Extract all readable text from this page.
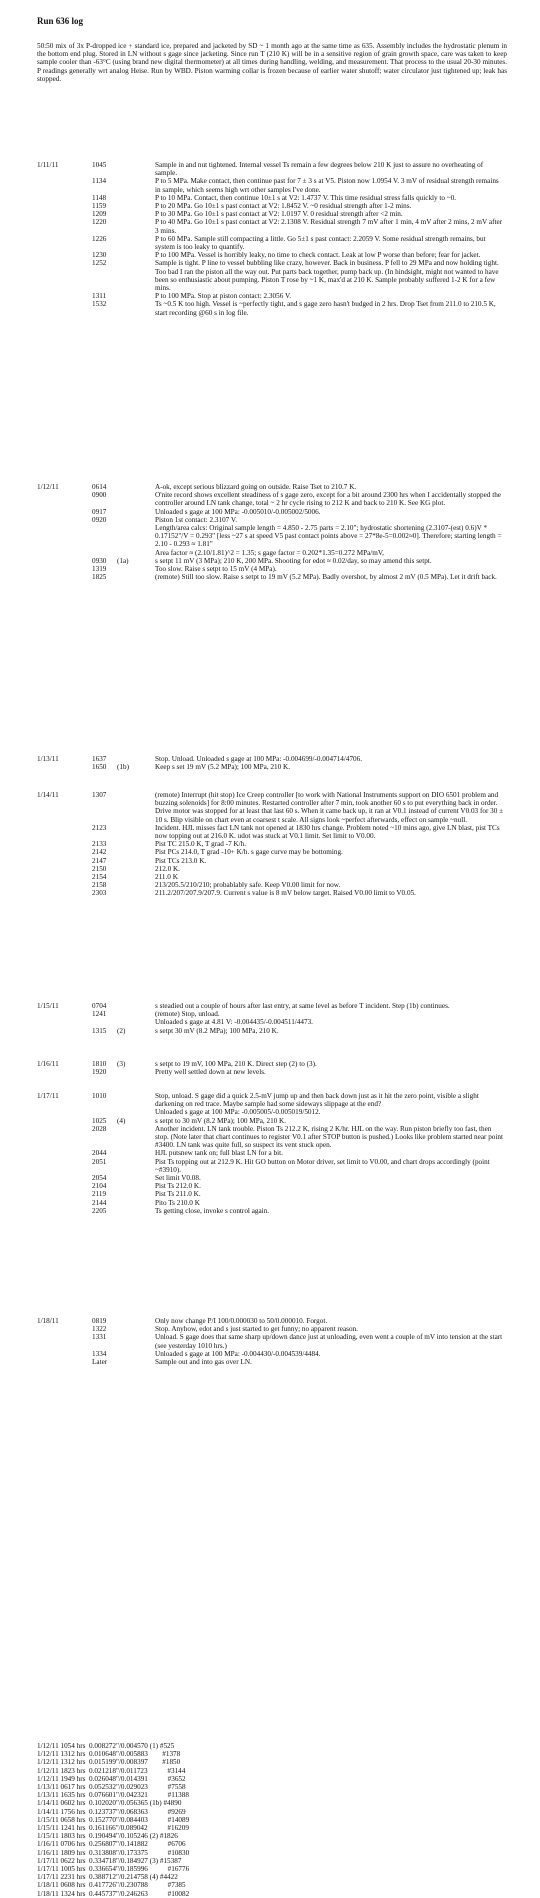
Run 636 log
50:50 mix of 3x P-dropped ice + standard ice, prepared and jacketed by SD ~ 1 month ago at the same time as 635. Assembly includes the hydrostatic plenum in the bottom end plug. Stored in LN without s gage since jacketing. Since run T (210 K) will be in a sensitive region of grain growth space, care was taken to keep sample cooler than -63°C (using brand new digital thermometer) at all times during handling, welding, and measurement. That process to the usual 20-30 minutes. P readings generally wrt analog Heise. Run by WBD. Piston warming collar is frozen because of earlier water shutoff; water circulator just tightened up; leak has stopped.
1/11/11	1045	Sample in and nut tightened. Internal vessel Ts remain a few degrees below 210 K just to assure no overheating of sample.
1134	P to 5 MPa. Make contact, then continue past for 7 ± 3 s at V5. Piston now 1.0954 V. 3 mV of residual strength remains in sample, which seems high wrt other samples I've done.
1148	P to 10 MPa. Contact, then continue 10±1 s at V2: 1.4737 V. This time residual stress falls quickly to ~0.
1159	P to 20 MPa. Go 10±1 s past contact at V2: 1.8452 V. ~0 residual strength after 1-2 mins.
1209	P to 30 MPa. Go 10±1 s past contact at V2: 1.0197 V. 0 residual strength after <2 min.
1220	P to 40 MPa. Go 10±1 s past contact at V2: 2.1308 V. Residual strength 7 mV after 1 min, 4 mV after 2 mins, 2 mV after 3 mins.
1226	P to 60 MPa. Sample still compacting a little. Go 5±1 s past contact: 2.2059 V. Some residual strength remains, but system is too leaky to quantify.
1230	P to 100 MPa. Vessel is horribly leaky, no time to check contact. Leak at low P worse than before; fear for jacket.
1252	Sample is tight. P line to vessel bubbling like crazy, however. Back in business. P fell to 29 MPa and now holding tight. Too bad I ran the piston all the way out. Put parts back together, pump back up. (In hindsight, might not wanted to have been so enthusiastic about pumping. Piston T rose by ~1 K, max'd at 210 K. Sample probably suffered 1-2 K for a few mins.
1311	P to 100 MPa. Stop at piston contact: 2.3056 V.
1532	Ts ~0.5 K too high. Vessel is ~perfectly tight, and s gage zero hasn't budged in 2 hrs. Drop Tset from 211.0 to 210.5 K, start recording @60 s in log file.
1/12/11	0614	A-ok, except serious blizzard going on outside. Raise Tset to 210.7 K.
0900	O'nite record shows excellent steadiness of s gage zero, except for a bit around 2300 hrs when I accidentally stopped the controller around LN tank change, total ~ 2 hr cycle rising to 212 K and back to 210 K. See KG plot.
0917	Unloaded s gage at 100 MPa: -0.005010/-0.005002/5006.
0920	Piston 1st contact: 2.3107 V.
Length/area calcs: Original sample length = 4.850 - 2.75 parts = 2.10"; hydrostatic shortening (2.3107-(est) 0.6)V * 0.17152"/V = 0.293" [less ~27 s at speed V5 past contact points above = 27*8e-5=0.002≈0]. Therefore; starting length = 2.10 - 0.293 ≈ 1.81"
Area factor ≈ (2.10/1.81)^2 = 1.35; s gage factor = 0.202*1.35=0.272 MPa/mV,
0930 (1a)	s setpt 11 mV (3 MPa); 210 K, 200 MPa. Shooting for edot ≈ 0.02/day, so may amend this setpt.
1319	Too slow. Raise s setpt to 15 mV (4 MPa).
1825	(remote) Still too slow. Raise s setpt to 19 mV (5.2 MPa). Badly overshot, by almost 2 mV (0.5 MPa). Let it drift back.
1/13/11	1637	Stop. Unload. Unloaded s gage at 100 MPa: -0.004699/-0.004714/4706.
1650 (1b)	Keep s set 19 mV (5.2 MPa); 100 MPa, 210 K.
1/14/11	1307	(remote) Interrupt (hit stop) Ice Creep controller [to work with National Instruments support on DIO 6501 problem and buzzing solenoids] for 8:00 minutes. Restarted controller after 7 min, took another 60 s to put everything back in order. Drive motor was stopped for at least that last 60 s. When it came back up, it ran at V0.1 instead of current V0.03 for 30 ± 10 s. Blip visible on chart even at coarsest t scale. All signs look ~perfect afterwards, effect on sample ~null.
2123	Incident. HJL misses fact LN tank not opened at 1830 hrs change. Problem noted ~10 mins ago, give LN blast, pist TCs now topping out at 216.0 K. udot was stuck at V0.1 limit. Set limit to V0.00.
2133	Pist TC 215.0 K, T grad -7 K/h.
2142	Pist PCs 214.0, T grad -10+ K/h. s gage curve may be bottoming.
2147	Pist TCs 213.0 K.
2150	212.0 K.
2154	211.0 K
2158	213/205.5/210/210; probablably safe. Keep V0.00 limit for now.
2303	211.2/207/207.9/207.9. Current s value is 8 mV below target. Raised V0.00 limit to V0.05.
1/15/11	0704	s steadied out a couple of hours after last entry, at same level as before T incident. Step (1b) continues.
1241	(remote) Stop, unload.
Unloaded s gage at 4.81 V: -0.004435/-0.004511/4473.
1315 (2)	s setpt 30 mV (8.2 MPa); 100 MPa, 210 K.
1/16/11	1810 (3)	s setpt to 19 mV, 100 MPa, 210 K. Direct step (2) to (3).
1920	Pretty well settled down at new levels.
1/17/11	1010	Stop, unload. S gage did a quick 2.5-mV jump up and then back down just as it hit the zero point, visible a slight darkening on red trace. Maybe sample had some sideways slippage at the end?
Unloaded s gage at 100 MPa: -0.005005/-0.005019/5012.
1025 (4)	s setpt to 30 mV (8.2 MPa); 100 MPa, 210 K.
2028	Another incident. LN tank trouble. Piston Ts 212.2 K, rising 2 K/hr. HJL on the way. Run piston briefly too fast, then stop. (Note later that chart continues to register V0.1 after STOP button is pushed.) Looks like problem started near point #3400. LN tank was quite full, so suspect its vent stuck open.
2044	HJL putsnew tank on; full blast LN for a bit.
2051	Pist Ts topping out at 212.9 K. Hit GO button on Motor driver, set limit to V0.00, and chart drops accordingly (point ~#3910).
2054	Set limit V0.08.
2104	Pist Ts 212.0 K.
2119	Pist Ts 211.0 K.
2144	Pito Ts 210.0 K
2205	Ts getting close, invoke s control again.
1/18/11	0819	Only now change P/I 100/0.000030 to 50/0.000010. Forgot.
1322	Stop. Anyhow, edot and s just started to get funny; no apparent reason.
1331	Unload. S gage does that same sharp up/down dance just at unloading, even went a couple of mV into tension at the start (see yesterday 1010 hrs.)
1334	Unloaded s gage at 100 MPa: -0.004430/-0.004539/4484.
Later	Sample out and into gas over LN.
1/12/11 1054 hrs  0.008272"/0.004570 (1) #525
1/12/11 1312 hrs  0.010648"/0.005883        #1378
1/12/11 1312 hrs  0.015199"/0.008397        #1850
1/12/11 1823 hrs  0.021218"/0.011723           #3144
1/12/11 1949 hrs  0.026048"/0.014391           #3652
1/13/11 0617 hrs  0.052532"/0.029023           #7558
1/13/11 1635 hrs  0.076601"/0.042321           #11388
1/14/11 0602 hrs  0.102020"/0.056365 (1b) #4890
1/14/11 1756 hrs  0.123737"/0.068363           #9269
1/15/11 0658 hrs  0.152770"/0.084403           #14089
1/15/11 1241 hrs  0.161166"/0.089042           #16209
1/15/11 1803 hrs  0.190494"/0.105246 (2) #1826
1/16/11 0706 hrs  0.256807"/0.141882           #6706
1/16/11 1809 hrs  0.313808"/0.173375           #10830
1/17/11 0622 hrs  0.334718"/0.184927 (3) #15387
1/17/11 1005 hrs  0.336654"/0.185996           #16776
1/17/11 2231 hrs  0.388712"/0.214758 (4) #4422
1/18/11 0608 hrs  0.417726"/0.230788           #7385
1/18/11 1324 hrs  0.445737"/0.246263           #10082
